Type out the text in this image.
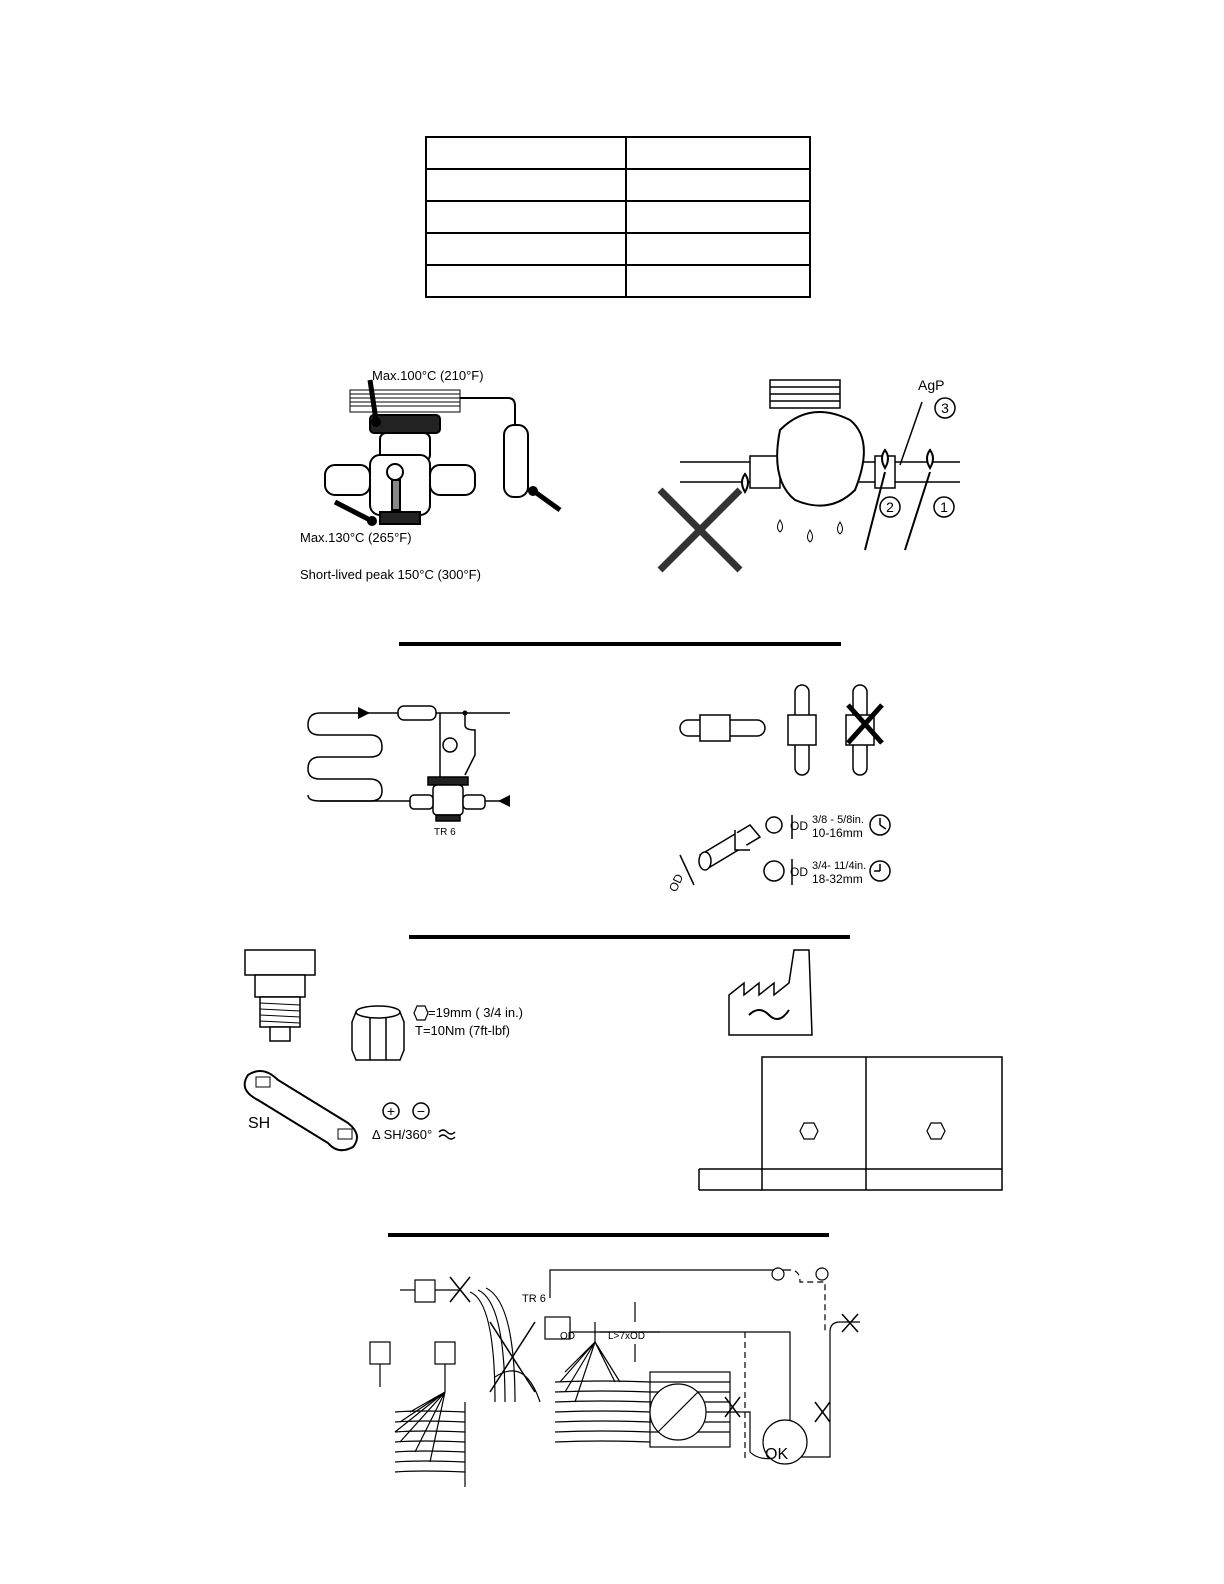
Max.100°C (210°F)
Max.130°C (265°F)
Short-lived peak 150°C (300°F)
3
2	1
AgP
TR 6	OD
OD
OD
3/8 - 5/8in.
10-16mm
3/4- 11/4in.
18-32mm
=19mm ( 3/4 in.)
T=10Nm (7ft-lbf)
SH
+ −
Δ SH/360°
TR 6
OD	L>7xOD
OK
